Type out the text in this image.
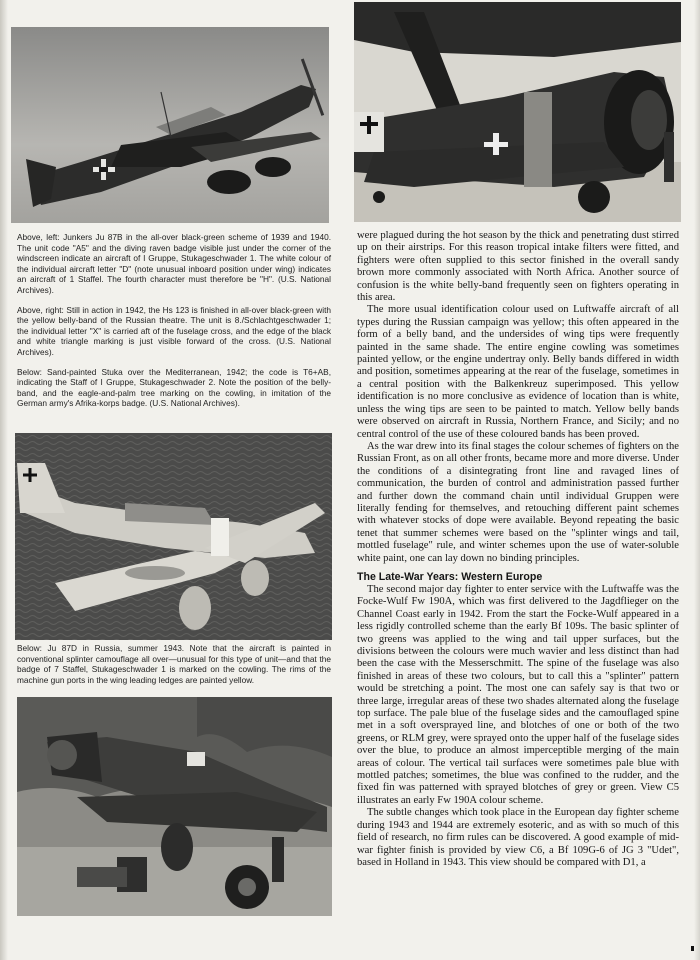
Above, left: Junkers Ju 87B in the all-over black-green scheme of 1939 and 1940. The unit code "A5" and the diving raven badge visible just under the corner of the windscreen indicate an aircraft of I Gruppe, Stukageschwader 1. The white colour of the individual aircraft letter "D" (note unusual inboard position under wing) indicates an aircraft of 1 Staffel. The fourth character must therefore be "H". (U.S. National Archives).

Above, right: Still in action in 1942, the Hs 123 is finished in all-over black-green with the yellow belly-band of the Russian theatre. The unit is 8./Schlachtgeschwader 1; the individual letter "X" is carried aft of the fuselage cross, and the edge of the black and white triangle marking is just visible forward of the cross. (U.S. National Archives).

Below: Sand-painted Stuka over the Mediterranean, 1942; the code is T6+AB, indicating the Staff of I Gruppe, Stukageschwader 2. Note the position of the belly-band, and the eagle-and-palm tree marking on the cowling, in imitation of the German army's Afrika-korps badge. (U.S. National Archives).

Below: Ju 87D in Russia, summer 1943. Note that the aircraft is painted in conventional splinter camouflage all over—unusual for this type of unit—and that the badge of 7 Staffel, Stukageschwader 1 is marked on the cowling. The rims of the machine gun ports in the wing leading ledges are painted yellow.

were plagued during the hot season by the thick and penetrating dust stirred up on their airstrips. For this reason tropical intake filters were fitted, and fighters were often supplied to this sector finished in the overall sandy brown more commonly associated with North Africa. Another source of confusion is the white belly-band frequently seen on fighters operating in this area.

The more usual identification colour used on Luftwaffe aircraft of all types during the Russian campaign was yellow; this often appeared in the form of a belly band, and the undersides of wing tips were frequently painted in the same shade. The entire engine cowling was sometimes painted yellow, or the engine undertray only. Belly bands differed in width and position, sometimes appearing at the rear of the fuselage, sometimes in a central position with the Balkenkreuz superimposed. This yellow identification is no more conclusive as evidence of location than is white, unless the wing tips are seen to be painted to match. Yellow belly bands were observed on aircraft in Russia, Northern France, and Sicily; and no central control of the use of these coloured bands has been proved.

As the war drew into its final stages the colour schemes of fighters on the Russian Front, as on all other fronts, became more and more diverse. Under the conditions of a disintegrating front line and ravaged lines of communication, the burden of control and administration passed further and further down the command chain until individual Gruppen were literally fending for themselves, and retouching different paint schemes with whatever stocks of dope were available. Beyond repeating the basic tenet that summer schemes were based on the "splinter wings and tail, mottled fuselage" rule, and winter schemes upon the use of water-soluble white paint, one can lay down no binding principles.

The Late-War Years: Western Europe

The second major day fighter to enter service with the Luftwaffe was the Focke-Wulf Fw 190A, which was first delivered to the Jagdflieger on the Channel Coast early in 1942. From the start the Focke-Wulf appeared in a less rigidly controlled scheme than the early Bf 109s. The basic splinter of two greens was applied to the wing and tail upper surfaces, but the divisions between the colours were much wavier and less distinct than had been the case with the Messerschmitt. The spine of the fuselage was also finished in areas of these two colours, but to call this a "splinter" pattern would be stretching a point. The most one can safely say is that two or three large, irregular areas of these two shades alternated along the fuselage top surface. The pale blue of the fuselage sides and the camouflaged spine met in a soft oversprayed line, and blotches of one or both of the two greens, or RLM grey, were sprayed onto the upper half of the fuselage sides over the blue, to produce an almost imperceptible merging of the main areas of colour. The vertical tail surfaces were sometimes pale blue with mottled patches; sometimes, the blue was confined to the rudder, and the fixed fin was patterned with sprayed blotches of grey or green. View C5 illustrates an early Fw 190A colour scheme.

The subtle changes which took place in the European day fighter scheme during 1943 and 1944 are extremely esoteric, and as with so much of this field of research, no firm rules can be discovered. A good example of mid-war fighter finish is provided by view C6, a Bf 109G-6 of JG 3 "Udet", based in Holland in 1943. This view should be compared with D1, a
